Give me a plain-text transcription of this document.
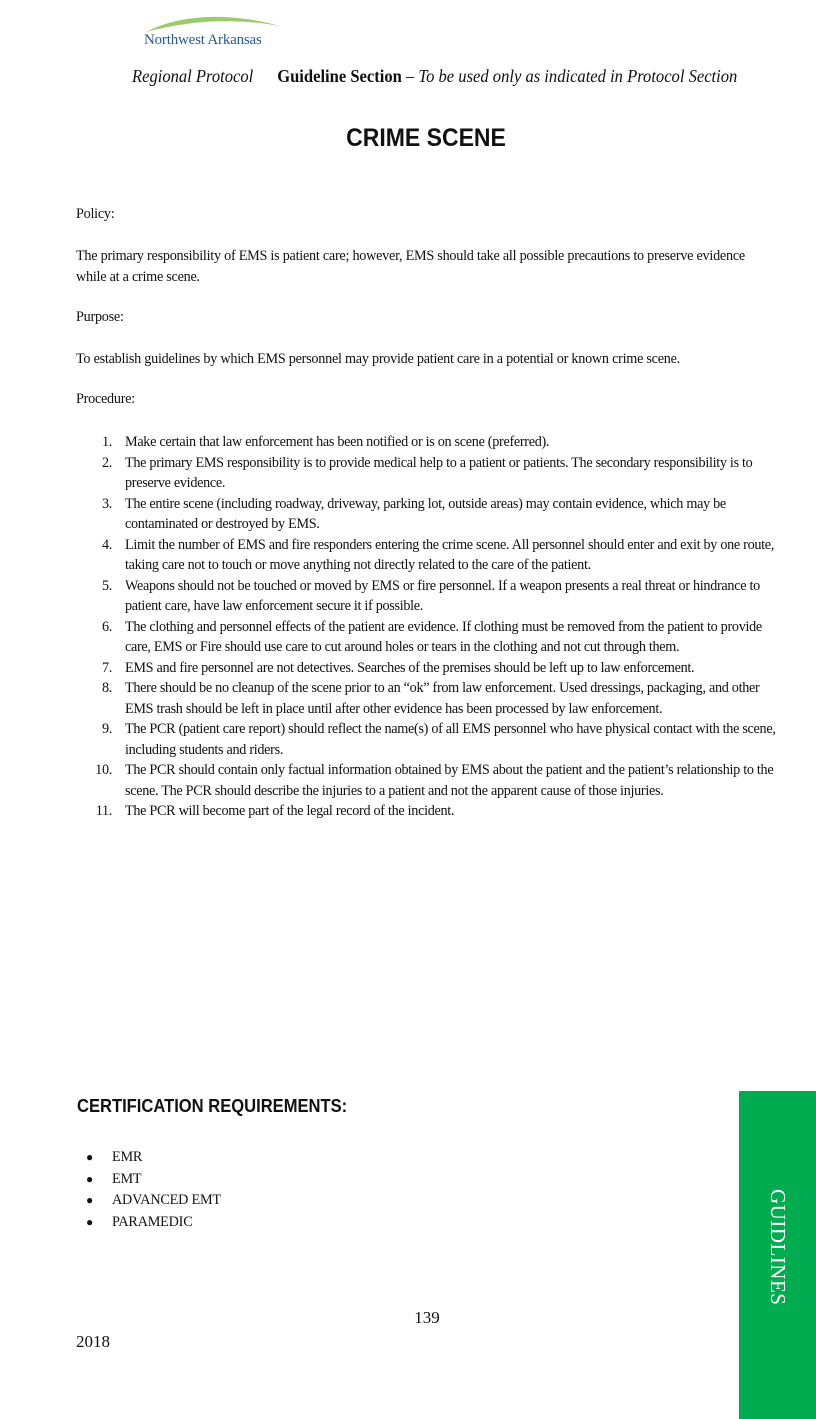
Northwest Arkansas
Regional Protocol Guideline Section – To be used only as indicated in Protocol Section
CRIME SCENE
Policy:
The primary responsibility of EMS is patient care; however, EMS should take all possible precautions to preserve evidence while at a crime scene.
Purpose:
To establish guidelines by which EMS personnel may provide patient care in a potential or known crime scene.
Procedure:
1. Make certain that law enforcement has been notified or is on scene (preferred).
2. The primary EMS responsibility is to provide medical help to a patient or patients. The secondary responsibility is to preserve evidence.
3. The entire scene (including roadway, driveway, parking lot, outside areas) may contain evidence, which may be contaminated or destroyed by EMS.
4. Limit the number of EMS and fire responders entering the crime scene. All personnel should enter and exit by one route, taking care not to touch or move anything not directly related to the care of the patient.
5. Weapons should not be touched or moved by EMS or fire personnel. If a weapon presents a real threat or hindrance to patient care, have law enforcement secure it if possible.
6. The clothing and personnel effects of the patient are evidence. If clothing must be removed from the patient to provide care, EMS or Fire should use care to cut around holes or tears in the clothing and not cut through them.
7. EMS and fire personnel are not detectives. Searches of the premises should be left up to law enforcement.
8. There should be no cleanup of the scene prior to an “ok” from law enforcement. Used dressings, packaging, and other EMS trash should be left in place until after other evidence has been processed by law enforcement.
9. The PCR (patient care report) should reflect the name(s) of all EMS personnel who have physical contact with the scene, including students and riders.
10. The PCR should contain only factual information obtained by EMS about the patient and the patient’s relationship to the scene. The PCR should describe the injuries to a patient and not the apparent cause of those injuries.
11. The PCR will become part of the legal record of the incident.
CERTIFICATION REQUIREMENTS:
● EMR
● EMT
● ADVANCED EMT
● PARAMEDIC
139
2018
GUIDLINES
